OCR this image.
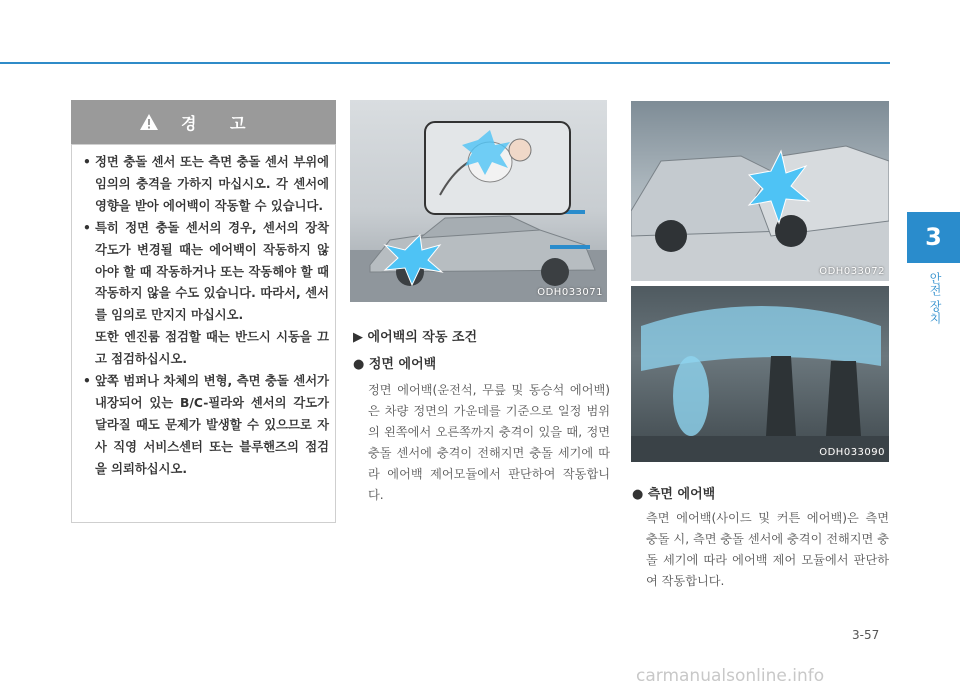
경 고
• 정면 충돌 센서 또는 측면 충돌 센서 부위에 임의의 충격을 가하지 마십시오. 각 센서에 영향을 받아 에어백이 작동할 수 있습니다.
• 특히 정면 충돌 센서의 경우, 센서의 장착 각도가 변경될 때는 에어백이 작동하지 않아야 할 때 작동하거나 또는 작동해야 할 때 작동하지 않을 수도 있습니다. 따라서, 센서를 임의로 만지지 마십시오.
또한 엔진룸 점검할 때는 반드시 시동을 끄고 점검하십시오.
• 앞쪽 범퍼나 차체의 변형, 측면 충돌 센서가 내장되어 있는 B/C-필라와 센서의 각도가 달라질 때도 문제가 발생할 수 있으므로 자사 직영 서비스센터 또는 블루핸즈의 점검을 의뢰하십시오.
ODH033071
ODH033072
ODH033090
▶ 에어백의 작동 조건
● 정면 에어백
정면 에어백(운전석, 무릎 및 동승석 에어백)은 차량 정면의 가운데를 기준으로 일정 범위의 왼쪽에서 오른쪽까지 충격이 있을 때, 정면 충돌 센서에 충격이 전해지면 충돌 세기에 따라 에어백 제어모듈에서 판단하여 작동합니다.	● 측면 에어백
측면 에어백(사이드 및 커튼 에어백)은 측면 충돌 시, 측면 충돌 센서에 충격이 전해지면 충돌 세기에 따라 에어백 제어 모듈에서 판단하여 작동합니다.
3
안전 장치
3-57
carmanualsonline.info
